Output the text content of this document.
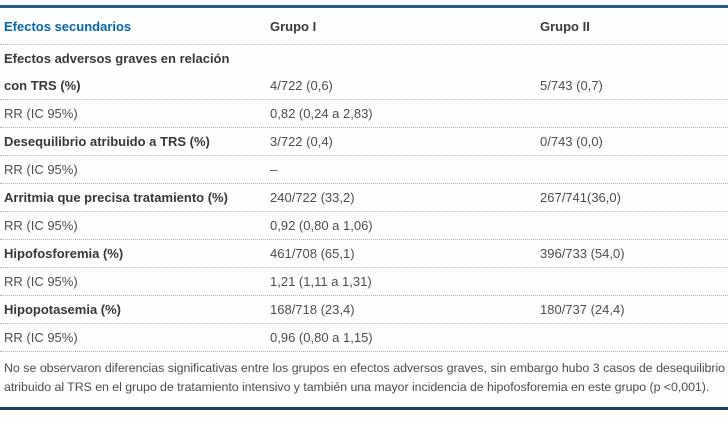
Efectos secundarios	Grupo I	Grupo II
Efectos adversos graves en relación
con TRS (%)	4/722 (0,6)	5/743 (0,7)
RR (IC 95%)	0,82 (0,24 a 2,83)
Desequilibrio atribuido a TRS (%)	3/722 (0,4)	0/743 (0,0)
RR (IC 95%)	–
Arritmia que precisa tratamiento (%)	240/722 (33,2)	267/741(36,0)
RR (IC 95%)	0,92 (0,80 a 1,06)
Hipofosforemia (%)	461/708 (65,1)	396/733 (54,0)
RR (IC 95%)	1,21 (1,11 a 1,31)
Hipopotasemia (%)	168/718 (23,4)	180/737 (24,4)
RR (IC 95%)	0,96 (0,80 a 1,15)
No se observaron diferencias significativas entre los grupos en efectos adversos graves, sin embargo hubo 3 casos de desequilibrio atribuido al TRS en el grupo de tratamiento intensivo y también una mayor incidencia de hipofosforemia en este grupo (p <0,001).
